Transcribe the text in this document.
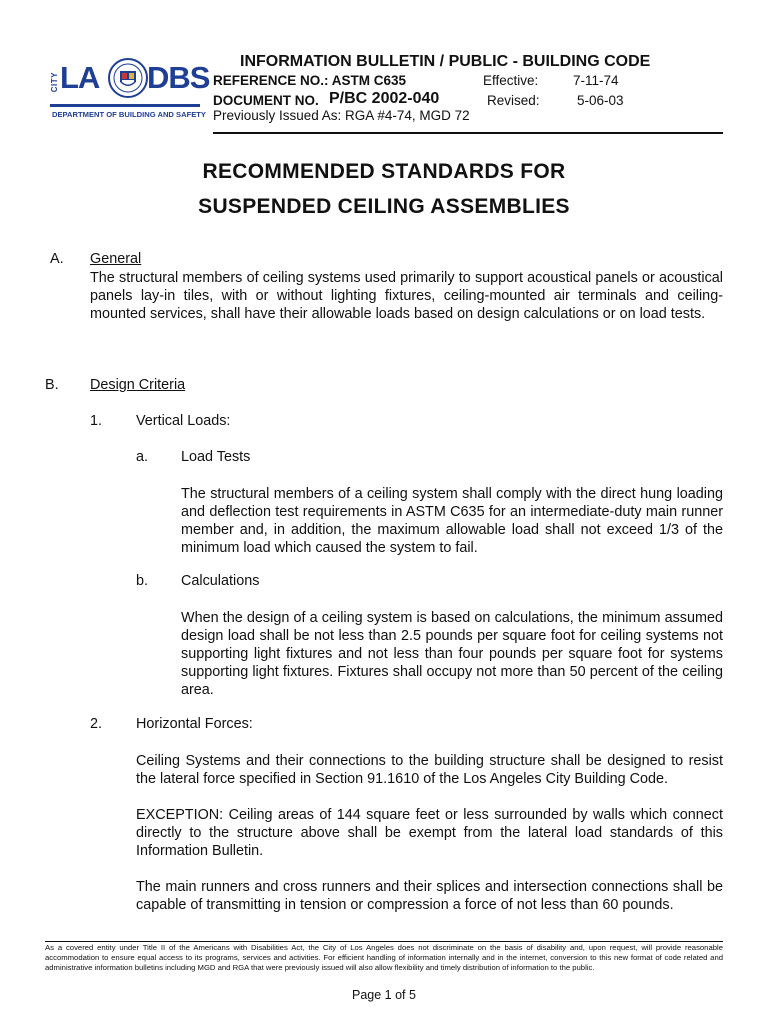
CITY LA DBS
DEPARTMENT OF BUILDING AND SAFETY
INFORMATION BULLETIN / PUBLIC - BUILDING CODE
REFERENCE NO.: ASTM C635	Effective:	7-11-74
DOCUMENT NO. P/BC 2002-040	Revised:	5-06-03
Previously Issued As: RGA #4-74, MGD 72
RECOMMENDED STANDARDS FOR
SUSPENDED CEILING ASSEMBLIES
A. General
The structural members of ceiling systems used primarily to support acoustical panels or acoustical panels lay-in tiles, with or without lighting fixtures, ceiling-mounted air terminals and ceiling-mounted services, shall have their allowable loads based on design calculations or on load tests.
B. Design Criteria
1. Vertical Loads:
a. Load Tests
The structural members of a ceiling system shall comply with the direct hung loading and deflection test requirements in ASTM C635 for an intermediate-duty main runner member and, in addition, the maximum allowable load shall not exceed 1/3 of the minimum load which caused the system to fail.
b. Calculations
When the design of a ceiling system is based on calculations, the minimum assumed design load shall be not less than 2.5 pounds per square foot for ceiling systems not supporting light fixtures and not less than four pounds per square foot for systems supporting light fixtures. Fixtures shall occupy not more than 50 percent of the ceiling area.
2. Horizontal Forces:
Ceiling Systems and their connections to the building structure shall be designed to resist the lateral force specified in Section 91.1610 of the Los Angeles City Building Code.
EXCEPTION: Ceiling areas of 144 square feet or less surrounded by walls which connect directly to the structure above shall be exempt from the lateral load standards of this Information Bulletin.
The main runners and cross runners and their splices and intersection connections shall be capable of transmitting in tension or compression a force of not less than 60 pounds.
As a covered entity under Title II of the Americans with Disabilities Act, the City of Los Angeles does not discriminate on the basis of disability and, upon request, will provide reasonable accommodation to ensure equal access to its programs, services and activities. For efficient handling of information internally and in the internet, conversion to this new format of code related and administrative information bulletins including MGD and RGA that were previously issued will also allow flexibility and timely distribution of information to the public.
Page 1 of 5
